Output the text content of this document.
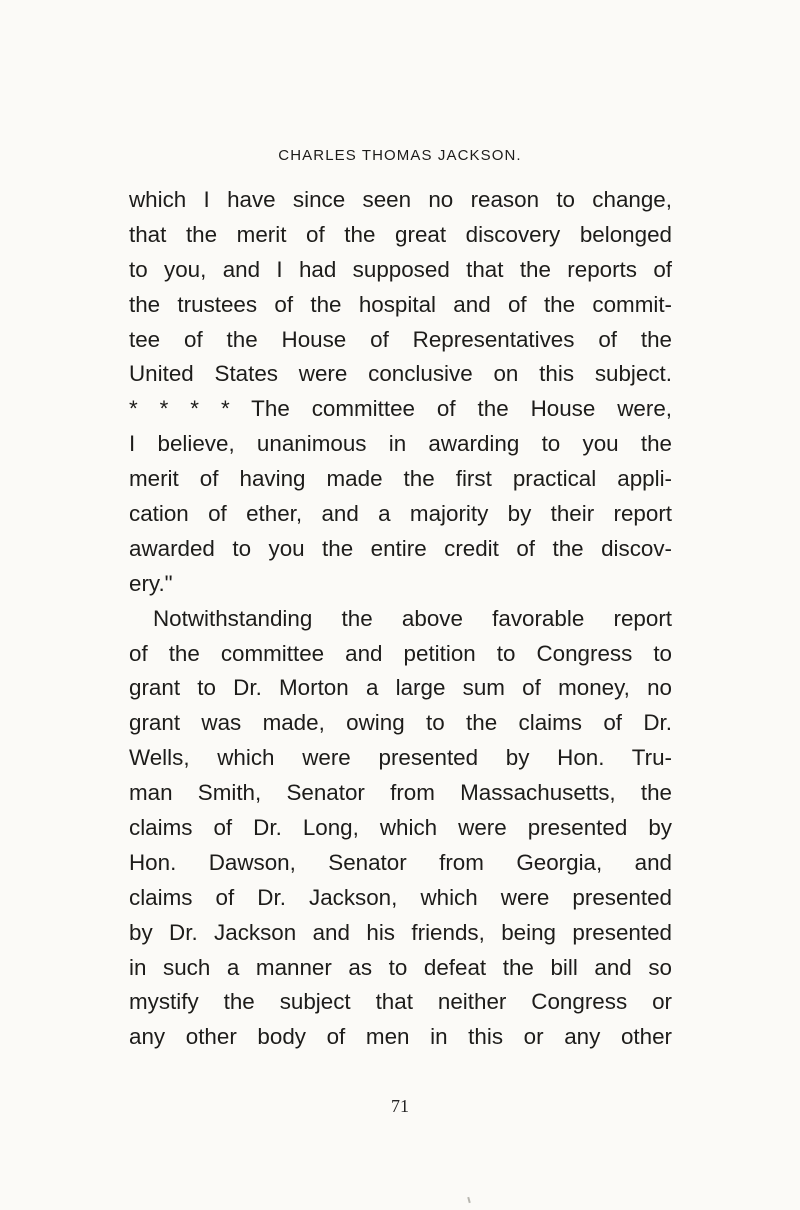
CHARLES THOMAS JACKSON.
which I have since seen no reason to change,
that the merit of the great discovery belonged
to you, and I had supposed that the reports of
the trustees of the hospital and of the commit-
tee of the House of Representatives of the
United States were conclusive on this subject.
* * * * The committee of the House were,
I believe, unanimous in awarding to you the
merit of having made the first practical appli-
cation of ether, and a majority by their report
awarded to you the entire credit of the discov-
ery."
Notwithstanding the above favorable report
of the committee and petition to Congress to
grant to Dr. Morton a large sum of money, no
grant was made, owing to the claims of Dr.
Wells, which were presented by Hon. Tru-
man Smith, Senator from Massachusetts, the
claims of Dr. Long, which were presented by
Hon. Dawson, Senator from Georgia, and
claims of Dr. Jackson, which were presented
by Dr. Jackson and his friends, being presented
in such a manner as to defeat the bill and so
mystify the subject that neither Congress or
any other body of men in this or any other
71
